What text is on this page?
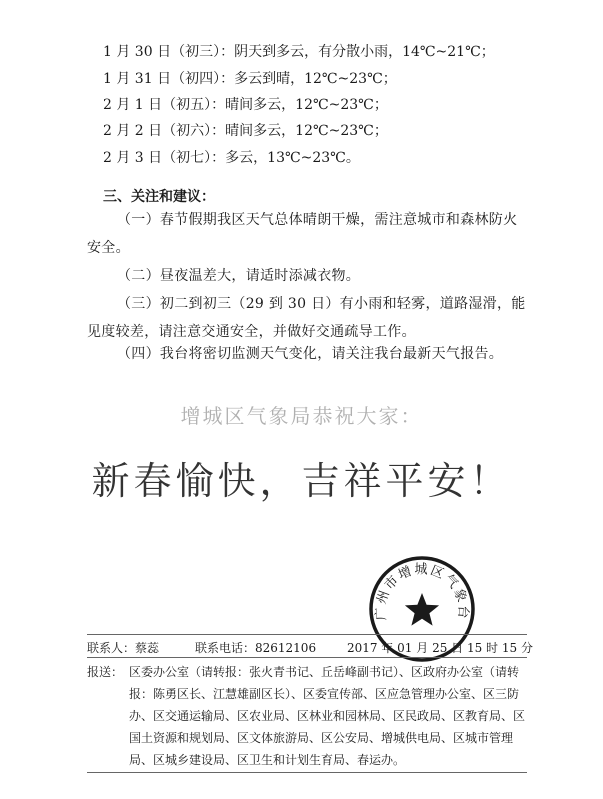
1 月 30 日（初三）：阴天到多云，有分散小雨，14℃~21℃；
1 月 31 日（初四）：多云到晴，12℃~23℃；
2 月 1 日（初五）：晴间多云，12℃~23℃；
2 月 2 日（初六）：晴间多云，12℃~23℃；
2 月 3 日（初七）：多云，13℃~23℃。
三、关注和建议：
（一）春节假期我区天气总体晴朗干燥，需注意城市和森林防火安全。
（二）昼夜温差大，请适时添减衣物。
（三）初二到初三（29 到 30 日）有小雨和轻雾，道路湿滑，能见度较差，请注意交通安全，并做好交通疏导工作。
（四）我台将密切监测天气变化，请关注我台最新天气报告。
增城区气象局恭祝大家：
新春愉快，吉祥平安！
广州市增城区气象台
联系人：蔡蕊	联系电话：82612106	2017 年 01 月 25 日 15 时 15 分
报送： 区委办公室（请转报：张火青书记、丘岳峰副书记）、区政府办公室（请转报：陈勇区长、江慧雄副区长）、区委宣传部、区应急管理办公室、区三防办、区交通运输局、区农业局、区林业和园林局、区民政局、区教育局、区国土资源和规划局、区文体旅游局、区公安局、增城供电局、区城市管理局、区城乡建设局、区卫生和计划生育局、春运办。
